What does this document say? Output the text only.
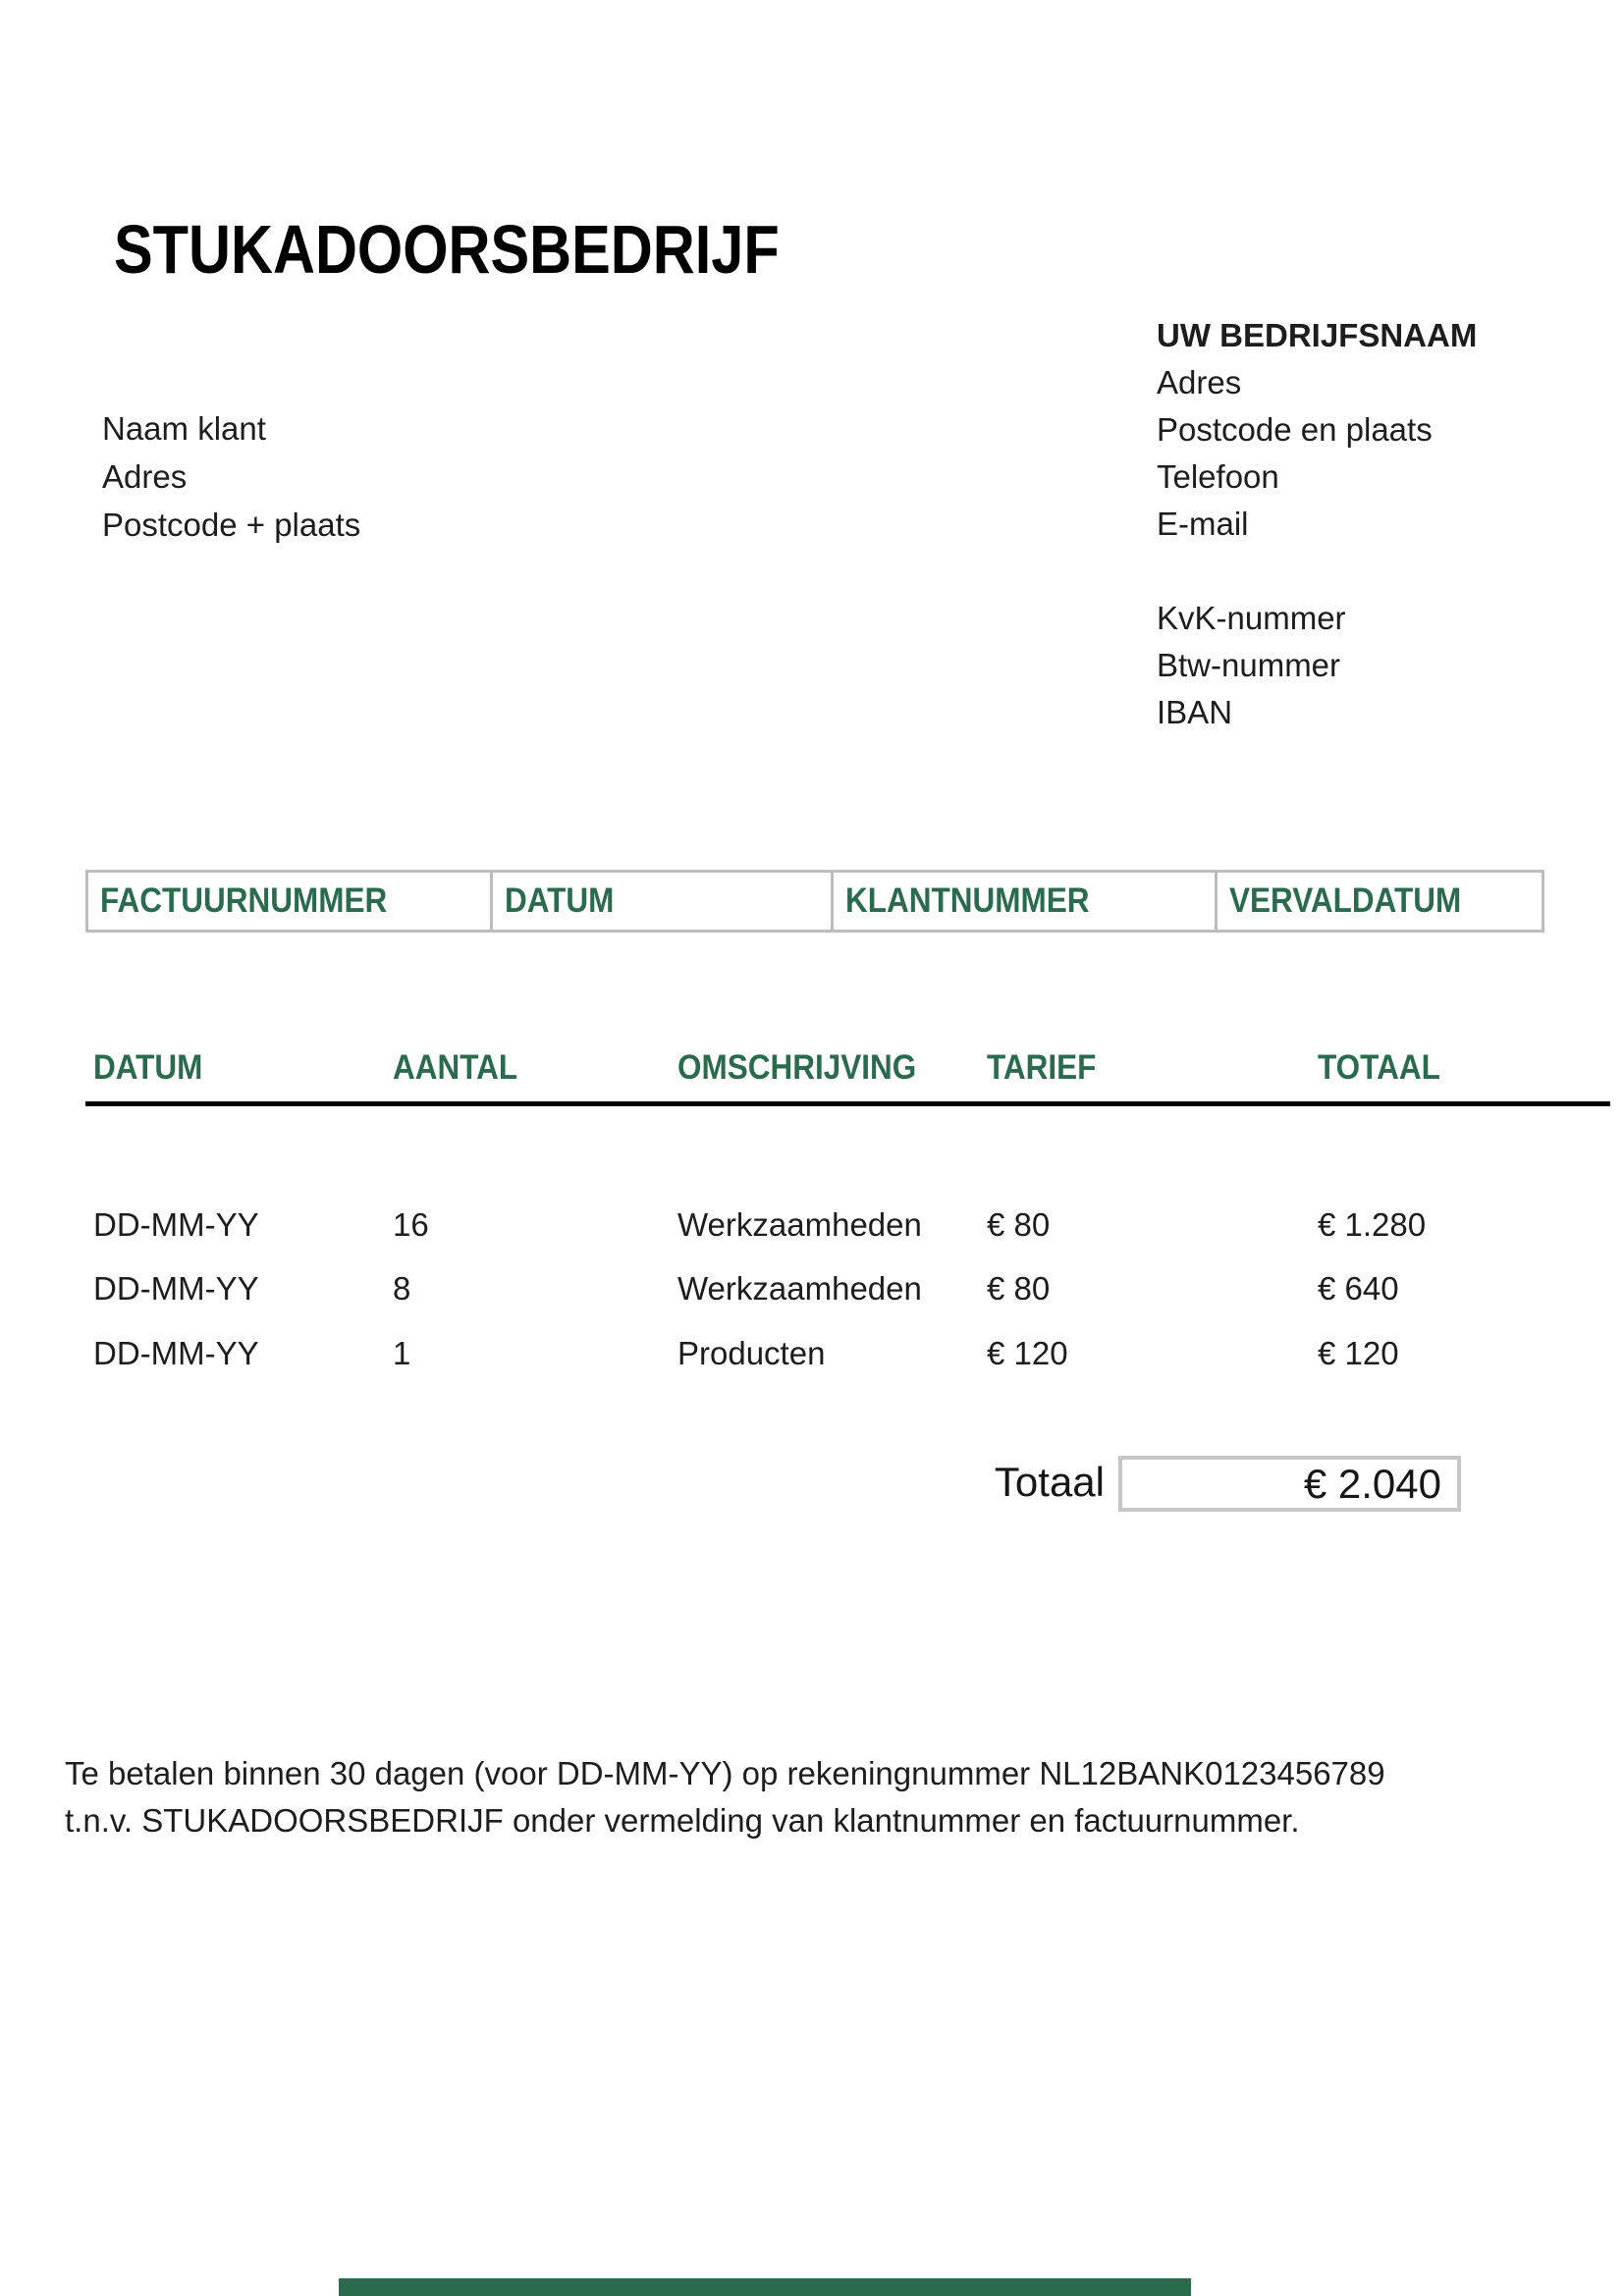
STUKADOORSBEDRIJF
Naam klant
Adres
Postcode + plaats
UW BEDRIJFSNAAM
Adres
Postcode en plaats
Telefoon
E-mail
KvK-nummer
Btw-nummer
IBAN
FACTUURNUMMER	DATUM	KLANTNUMMER	VERVALDATUM
DATUM	AANTAL	OMSCHRIJVING	TARIEF	TOTAAL
DD-MM-YY	16	Werkzaamheden € 80	€ 1.280
DD-MM-YY	8	Werkzaamheden € 80	€ 640
DD-MM-YY	1	Producten	€ 120	€ 120
Totaal	€ 2.040
Te betalen binnen 30 dagen (voor DD-MM-YY) op rekeningnummer NL12BANK0123456789
t.n.v. STUKADOORSBEDRIJF onder vermelding van klantnummer en factuurnummer.
